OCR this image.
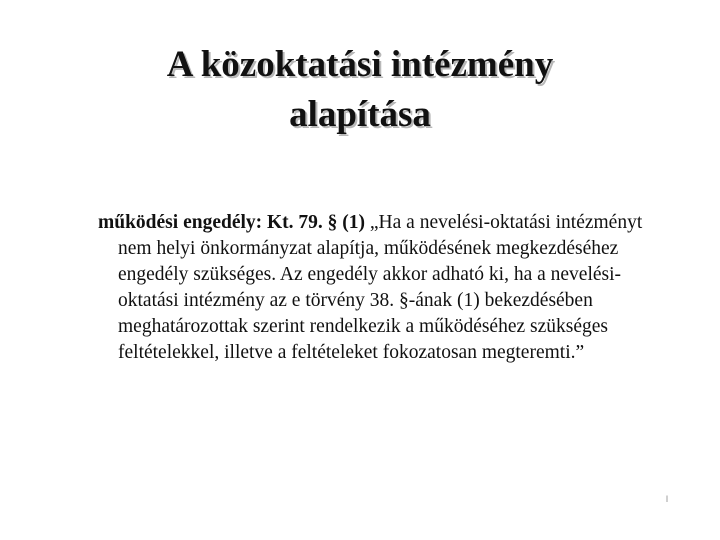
A közoktatási intézmény
alapítása

működési engedély: Kt. 79. § (1) „Ha a nevelési-oktatási intézményt nem helyi önkormányzat alapítja, működésének megkezdéséhez engedély szükséges. Az engedély akkor adható ki, ha a nevelési-oktatási intézmény az e törvény 38. §-ának (1) bekezdésében meghatározottak szerint rendelkezik a működéséhez szükséges feltételekkel, illetve a feltételeket fokozatosan megteremti.”

l
